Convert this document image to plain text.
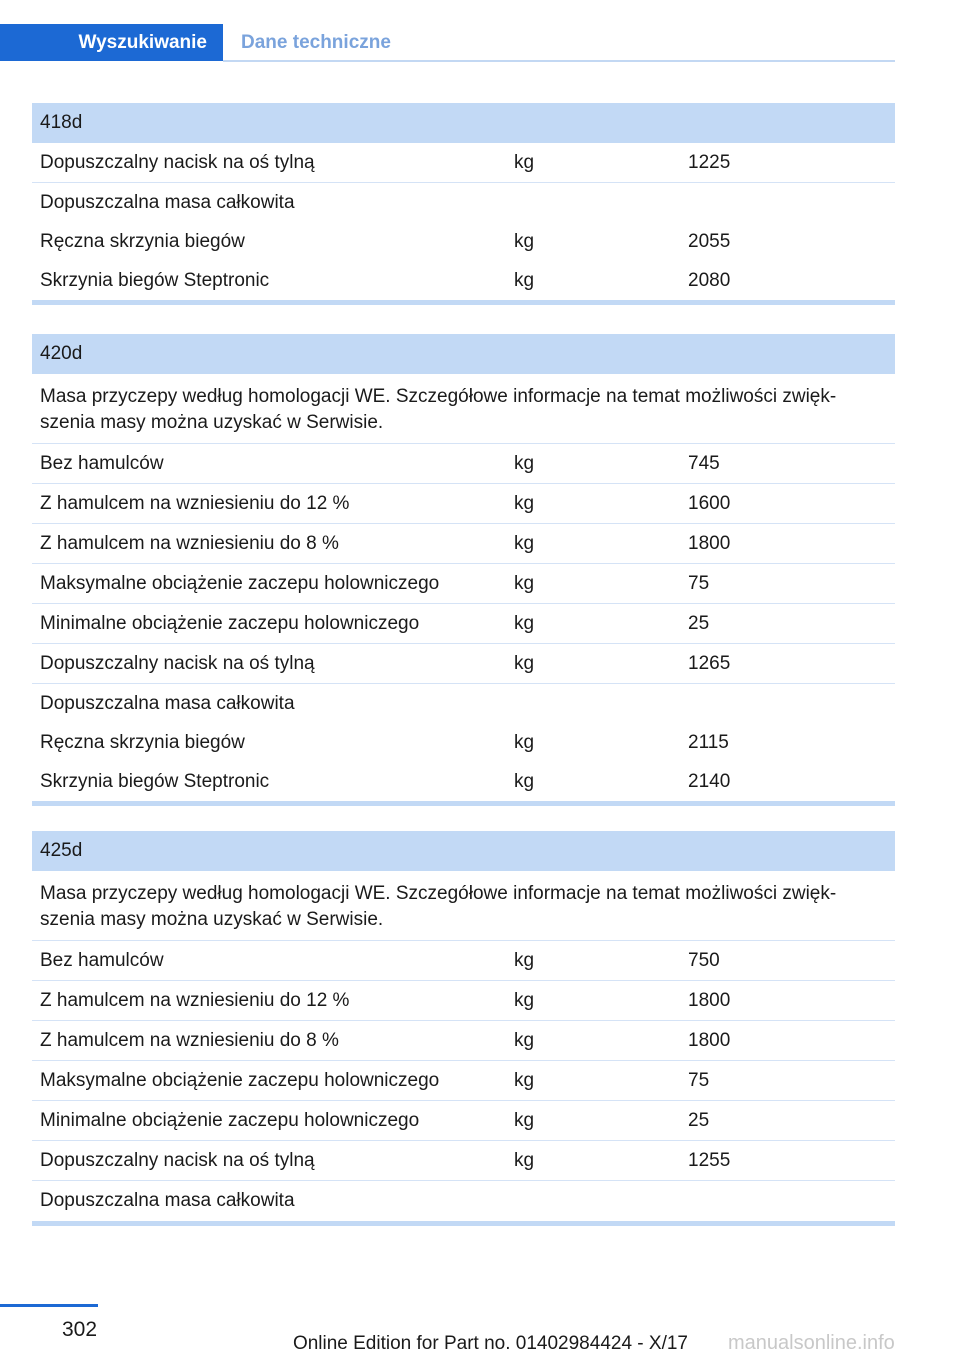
Wyszukiwanie	Dane techniczne
418d
Dopuszczalny nacisk na oś tylną	kg	1225
Dopuszczalna masa całkowita
Ręczna skrzynia biegów	kg	2055
Skrzynia biegów Steptronic	kg	2080
420d
Masa przyczepy według homologacji WE. Szczegółowe informacje na temat możliwości zwięk-szenia masy można uzyskać w Serwisie.
Bez hamulców	kg	745
Z hamulcem na wzniesieniu do 12 %	kg	1600
Z hamulcem na wzniesieniu do 8 %	kg	1800
Maksymalne obciążenie zaczepu holowniczego	kg	75
Minimalne obciążenie zaczepu holowniczego	kg	25
Dopuszczalny nacisk na oś tylną	kg	1265
Dopuszczalna masa całkowita
Ręczna skrzynia biegów	kg	2115
Skrzynia biegów Steptronic	kg	2140
425d
Masa przyczepy według homologacji WE. Szczegółowe informacje na temat możliwości zwięk-szenia masy można uzyskać w Serwisie.
Bez hamulców	kg	750
Z hamulcem na wzniesieniu do 12 %	kg	1800
Z hamulcem na wzniesieniu do 8 %	kg	1800
Maksymalne obciążenie zaczepu holowniczego	kg	75
Minimalne obciążenie zaczepu holowniczego	kg	25
Dopuszczalny nacisk na oś tylną	kg	1255
Dopuszczalna masa całkowita
302
Online Edition for Part no. 01402984424 - X/17 manualsonline.info
